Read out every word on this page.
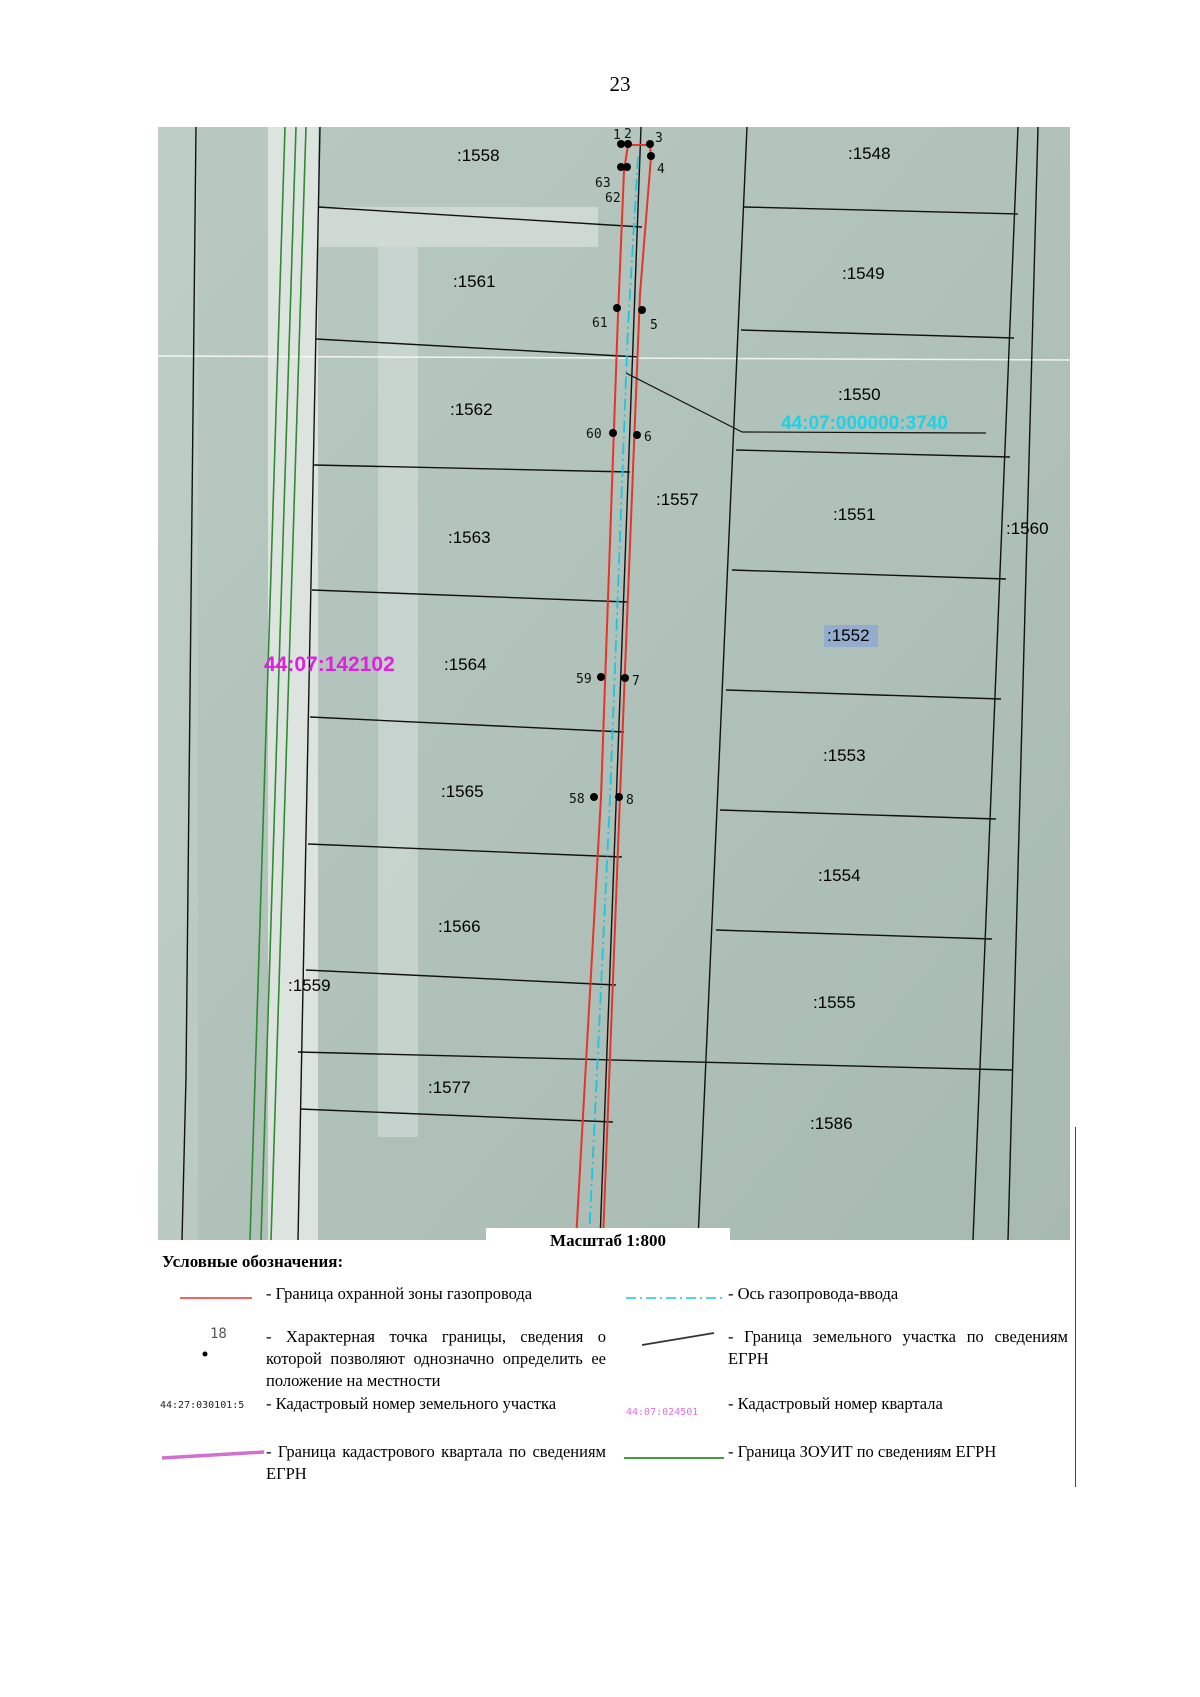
23
:1558
:1561
:1562
:1563
:1564
:1565
:1566
:1559
:1577
:1548
:1549
:1550
:1551
:1552
:1553
:1554
:1555
:1586
:1560
:1557
1 2 3
4
63
62
61	5
60	6
59	7
58	8
44:07:142102
44:07:000000:3740
Масштаб 1:800
Условные обозначения:
- Граница охранной зоны газопровода
18 - Характерная точка границы, сведения о которой позволяют однозначно определить ее положение на местности
44:27:030101:5 - Кадастровый номер земельного участка
- Граница кадастрового квартала по сведениям ЕГРН
- Ось газопровода-ввода
- Граница земельного участка по сведениям ЕГРН
44:07:024501 - Кадастровый номер квартала
- Граница ЗОУИТ по сведениям ЕГРН
